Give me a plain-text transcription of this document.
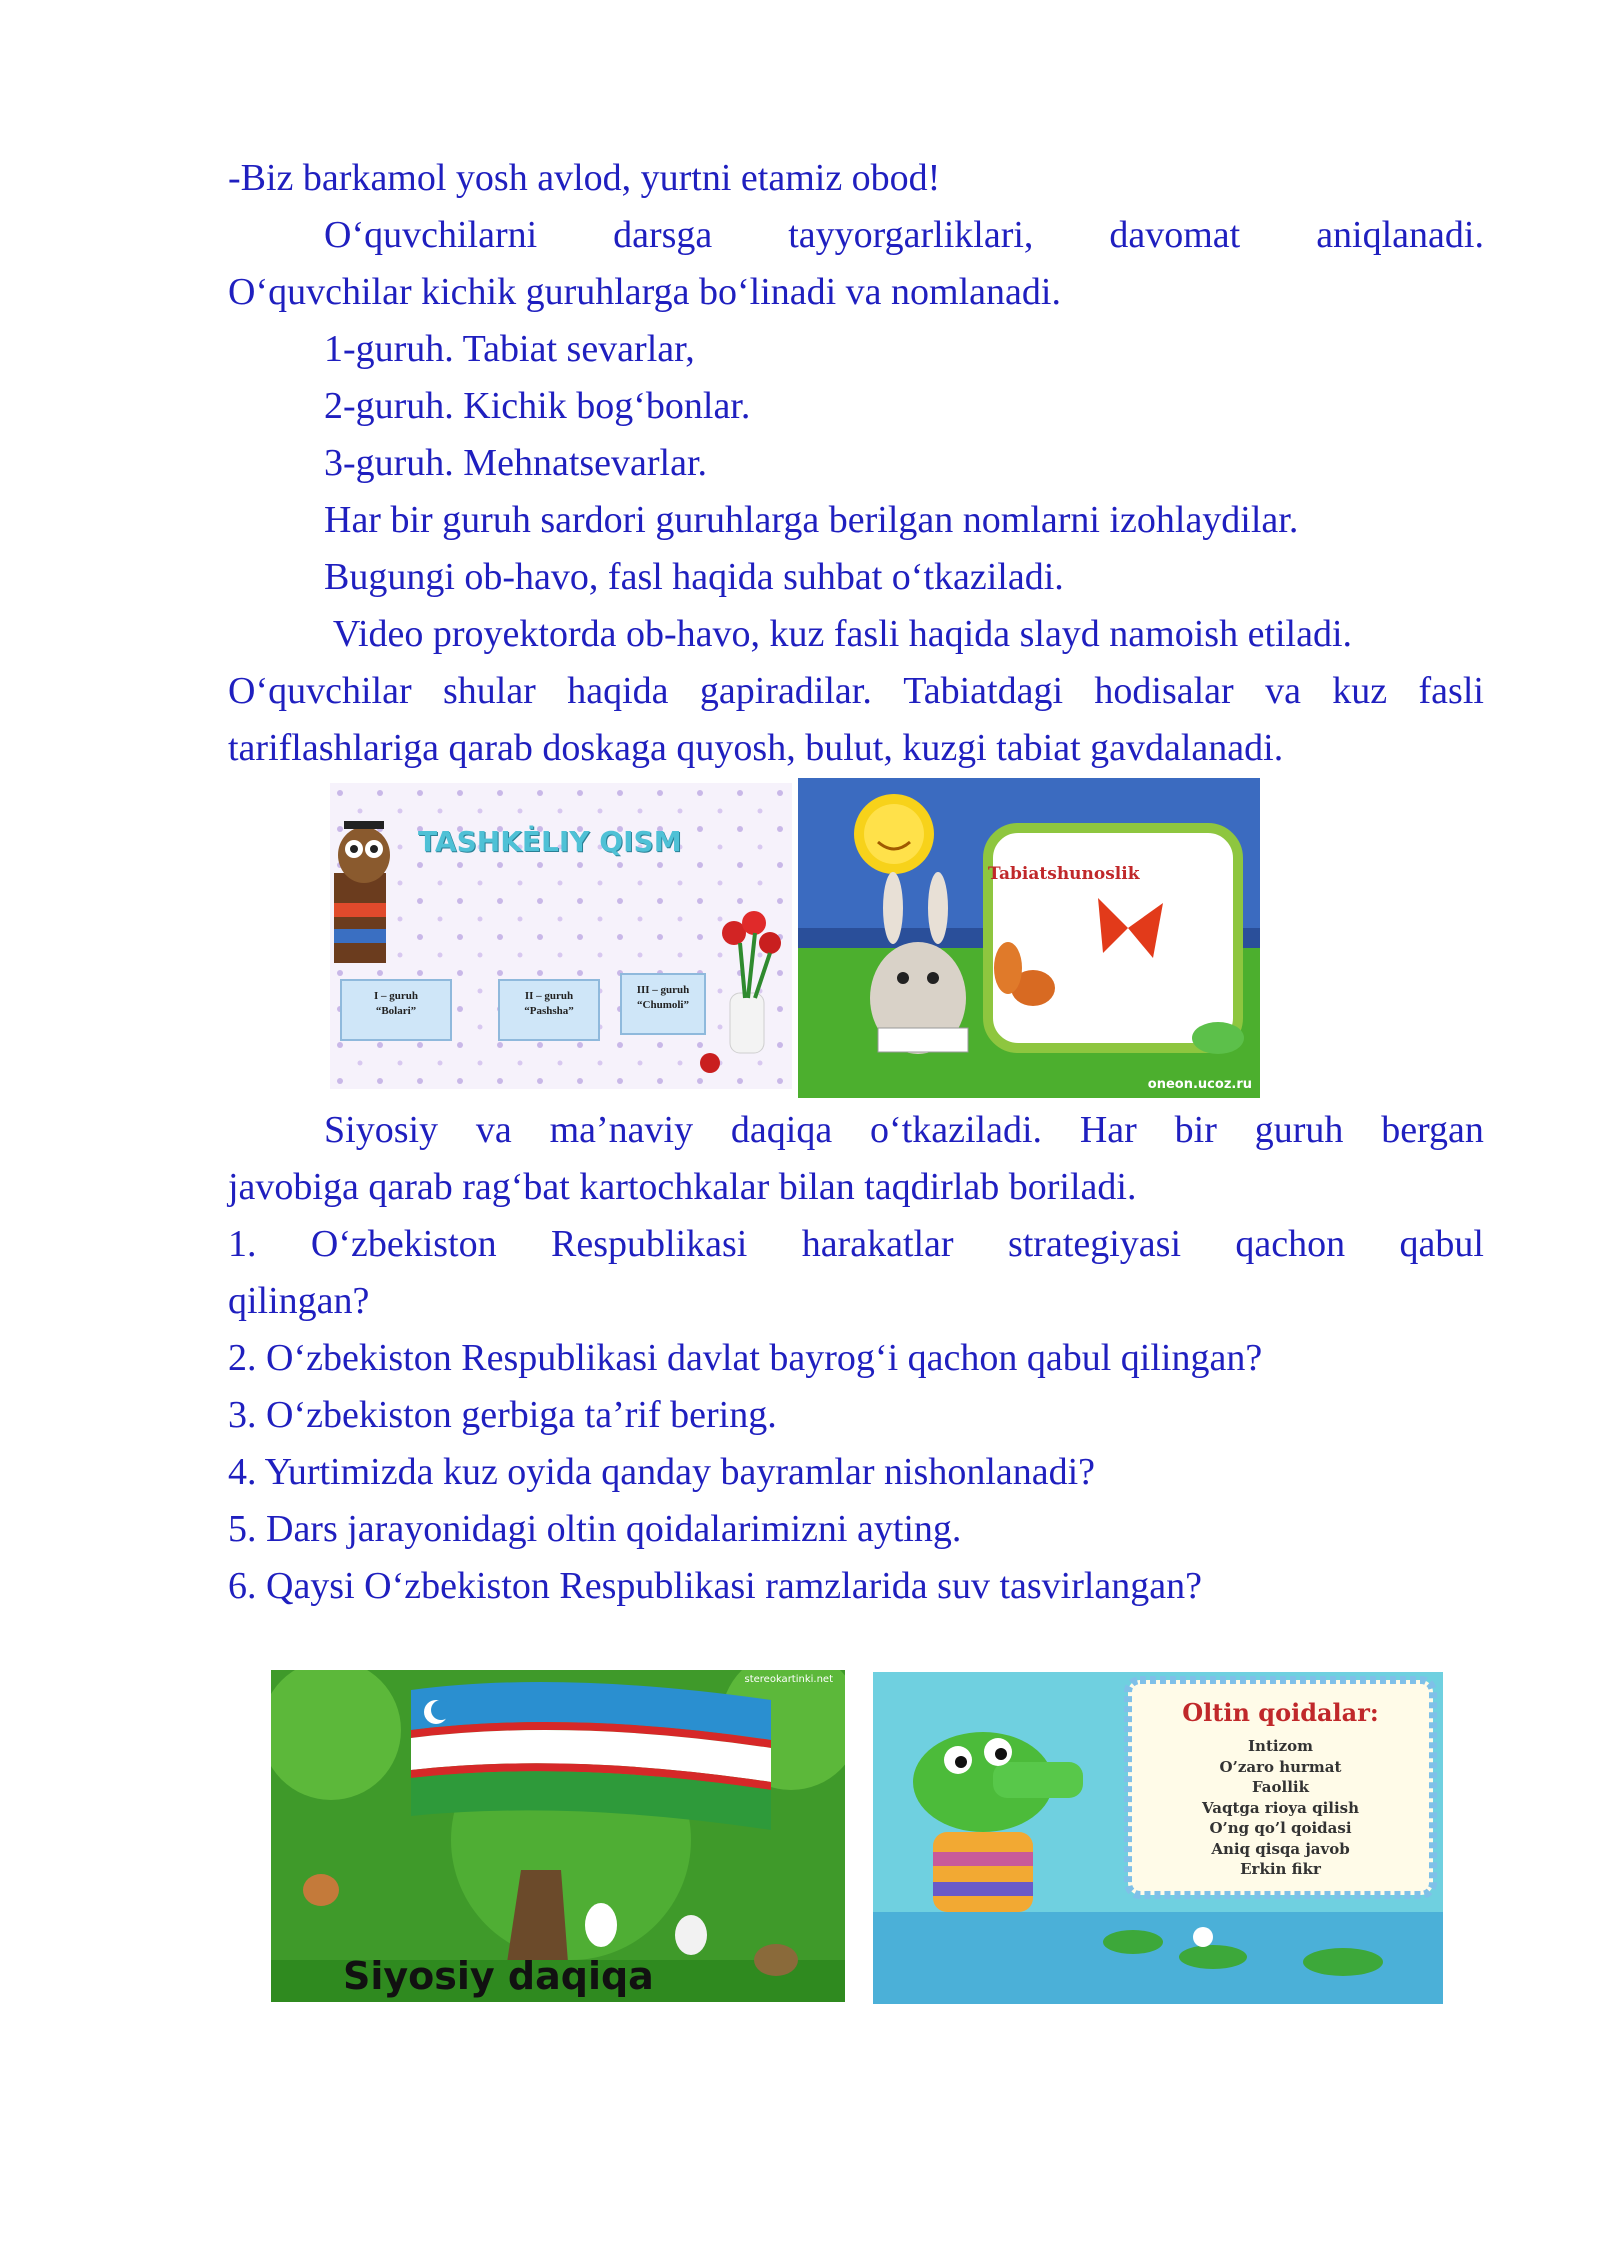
-Biz barkamol yosh avlod, yurtni etamiz obod!
O‘quvchilarni darsga tayyorgarliklari, davomat aniqlanadi.
O‘quvchilar kichik guruhlarga bo‘linadi va nomlanadi.
1-guruh. Tabiat sevarlar,
2-guruh. Kichik bog‘bonlar.
3-guruh. Mehnatsevarlar.
Har bir guruh sardori guruhlarga berilgan nomlarni izohlaydilar.
Bugungi ob-havo, fasl haqida suhbat o‘tkaziladi.
Video proyektorda ob-havo, kuz fasli haqida slayd namoish etiladi.
O‘quvchilar shular haqida gapiradilar. Tabiatdagi hodisalar va kuz fasli
tariflashlariga qarab doskaga quyosh, bulut, kuzgi tabiat gavdalanadi.
TASHKĖLIY QISM
I – guruh
“Bolari”
II – guruh
“Pashsha”
III – guruh
“Chumoli”
Tabiatshunoslik
oneon.ucoz.ru
Siyosiy va ma’naviy daqiqa o‘tkaziladi. Har bir guruh bergan
javobiga qarab rag‘bat kartochkalar bilan taqdirlab boriladi.
1. O‘zbekiston Respublikasi harakatlar strategiyasi qachon qabul
qilingan?
2. O‘zbekiston Respublikasi davlat bayrog‘i qachon qabul qilingan?
3. O‘zbekiston gerbiga ta’rif bering.
4. Yurtimizda kuz oyida qanday bayramlar nishonlanadi?
5. Dars jarayonidagi oltin qoidalarimizni ayting.
6. Qaysi O‘zbekiston Respublikasi ramzlarida suv tasvirlangan?
Siyosiy daqiqa
stereokartinki.net
Oltin qoidalar:
Intizom
O’zaro hurmat
Faollik
Vaqtga rioya qilish
O’ng qo’l qoidasi
Aniq qisqa javob
Erkin fikr
